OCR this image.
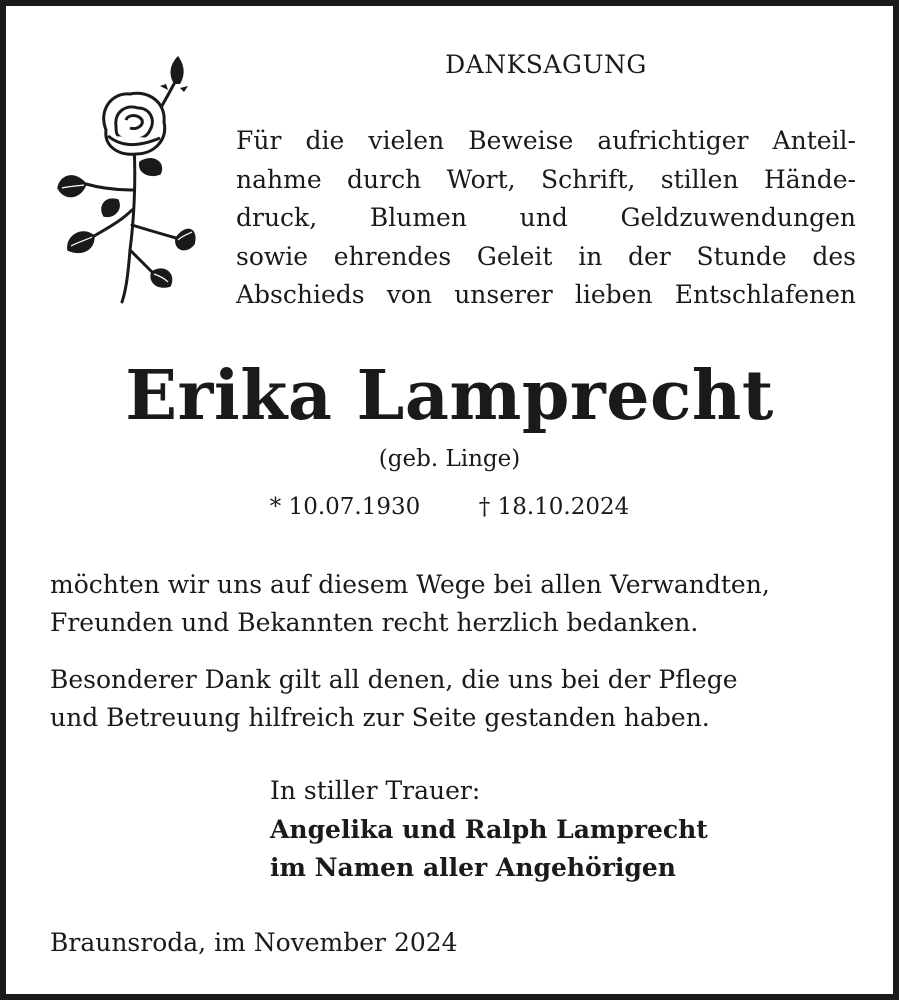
DANKSAGUNG

Für die vielen Beweise aufrichtiger Anteil-
nahme durch Wort, Schrift, stillen Hände-
druck, Blumen und Geldzuwendungen
sowie ehrendes Geleit in der Stunde des
Abschieds von unserer lieben Entschlafenen

Erika Lamprecht

(geb. Linge)

* 10.07.1930	† 18.10.2024

möchten wir uns auf diesem Wege bei allen Verwandten,
Freunden und Bekannten recht herzlich bedanken.
Besonderer Dank gilt all denen, die uns bei der Pflege
und Betreuung hilfreich zur Seite gestanden haben.
In stiller Trauer:
Angelika und Ralph Lamprecht
im Namen aller Angehörigen

Braunsroda, im November 2024
